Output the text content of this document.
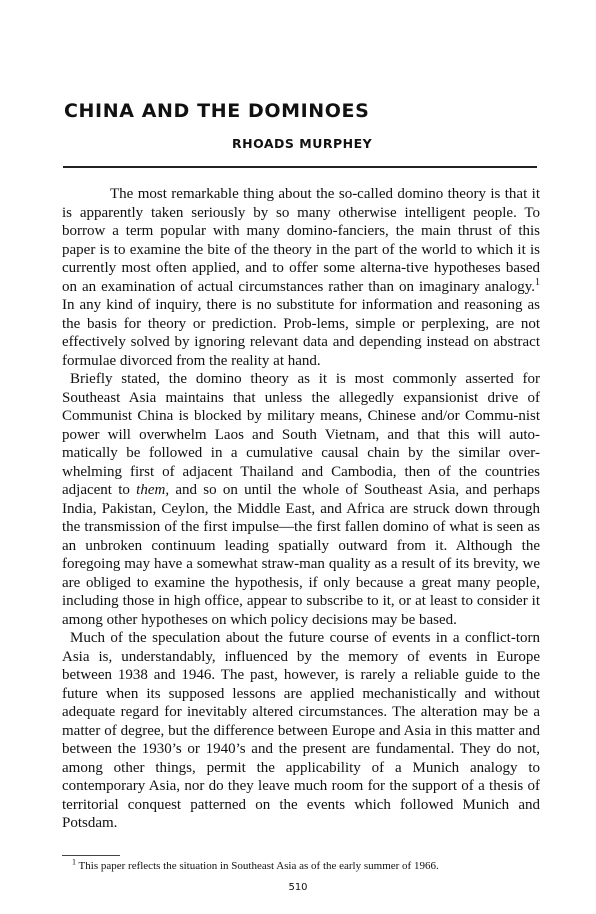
CHINA AND THE DOMINOES
RHOADS MURPHEY

The most remarkable thing about the so-called domino theory is that it is apparently taken seriously by so many otherwise intelligent people. To borrow a term popular with many domino-fanciers, the main thrust of this paper is to examine the bite of the theory in the part of the world to which it is currently most often applied, and to offer some alterna-tive hypotheses based on an examination of actual circumstances rather than on imaginary analogy.$^1$ In any kind of inquiry, there is no substitute for information and reasoning as the basis for theory or prediction. Prob-lems, simple or perplexing, are not effectively solved by ignoring relevant data and depending instead on abstract formulae divorced from the reality at hand.

Briefly stated, the domino theory as it is most commonly asserted for Southeast Asia maintains that unless the allegedly expansionist drive of Communist China is blocked by military means, Chinese and/or Commu-nist power will overwhelm Laos and South Vietnam, and that this will auto-matically be followed in a cumulative causal chain by the similar over-whelming first of adjacent Thailand and Cambodia, then of the countries adjacent to them, and so on until the whole of Southeast Asia, and perhaps India, Pakistan, Ceylon, the Middle East, and Africa are struck down through the transmission of the first impulse—the first fallen domino of what is seen as an unbroken continuum leading spatially outward from it. Although the foregoing may have a somewhat straw-man quality as a result of its brevity, we are obliged to examine the hypothesis, if only because a great many people, including those in high office, appear to subscribe to it, or at least to consider it among other hypotheses on which policy decisions may be based.

Much of the speculation about the future course of events in a conflict-torn Asia is, understandably, influenced by the memory of events in Europe between 1938 and 1946. The past, however, is rarely a reliable guide to the future when its supposed lessons are applied mechanistically and without adequate regard for inevitably altered circumstances. The alteration may be a matter of degree, but the difference between Europe and Asia in this matter and between the 1930’s or 1940’s and the present are fundamental. They do not, among other things, permit the applicability of a Munich analogy to contemporary Asia, nor do they leave much room for the support of a thesis of territorial conquest patterned on the events which followed Munich and Potsdam.

$^1$ This paper reflects the situation in Southeast Asia as of the early summer of 1966.

510
